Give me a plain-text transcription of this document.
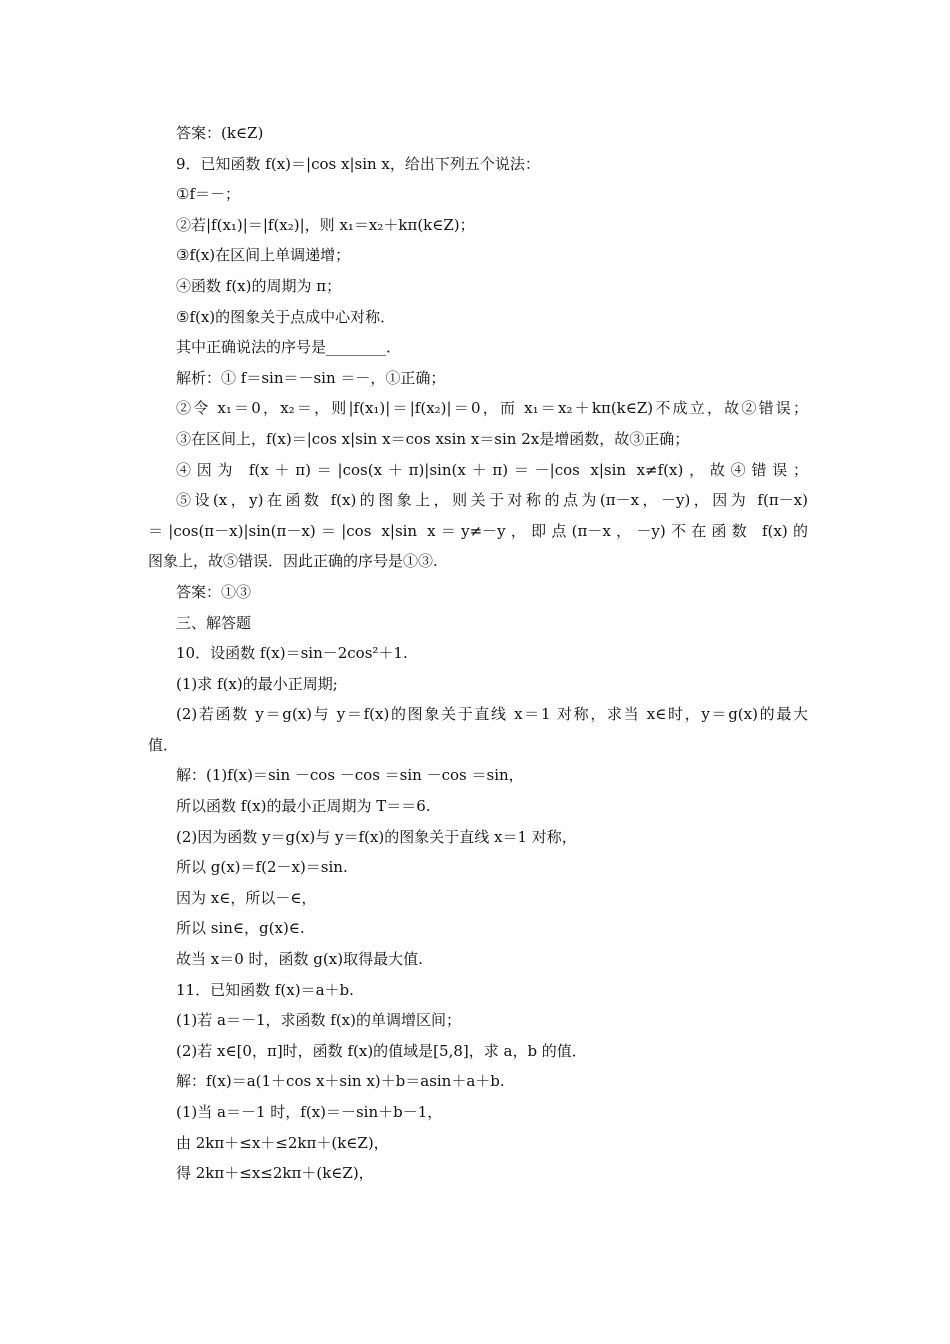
答案：(k∈Z)
9．已知函数 f(x)＝|cos x|sin x，给出下列五个说法：
①f＝－；
②若|f(x₁)|＝|f(x₂)|，则 x₁＝x₂＋kπ(k∈Z)；
③f(x)在区间上单调递增；
④函数 f(x)的周期为 π；
⑤f(x)的图象关于点成中心对称．
其中正确说法的序号是________．
解析：① f＝sin＝－sin ＝－，①正确；
②令 x₁＝0，x₂＝，则|f(x₁)|＝|f(x₂)|＝0，而 x₁＝x₂＋kπ(k∈Z)不成立，故②错误；
③在区间上，f(x)＝|cos x|sin x＝cos xsin x＝sin 2x是增函数，故③正确；
④因为 f(x＋π)＝|cos(x＋π)|sin(x＋π)＝－|cos x|sin x≠f(x)，故④错误；
⑤设(x，y)在函数 f(x)的图象上，则关于对称的点为(π－x，－y)，因为 f(π－x)
＝|cos(π－x)|sin(π－x)＝|cos x|sin x＝y≠－y，即点(π－x，－y)不在函数 f(x)的
图象上，故⑤错误．因此正确的序号是①③.
答案：①③
三、解答题
10．设函数 f(x)＝sin－2cos²＋1.
(1)求 f(x)的最小正周期;
(2)若函数 y＝g(x)与 y＝f(x)的图象关于直线 x＝1 对称，求当 x∈时，y＝g(x)的最大
值．
解：(1)f(x)＝sin －cos －cos ＝sin －cos ＝sin，
所以函数 f(x)的最小正周期为 T＝＝6.
(2)因为函数 y＝g(x)与 y＝f(x)的图象关于直线 x＝1 对称，
所以 g(x)＝f(2－x)＝sin.
因为 x∈，所以－∈，
所以 sin∈，g(x)∈.
故当 x＝0 时，函数 g(x)取得最大值.
11．已知函数 f(x)＝a＋b.
(1)若 a＝－1，求函数 f(x)的单调增区间；
(2)若 x∈[0，π]时，函数 f(x)的值域是[5,8]，求 a，b 的值．
解：f(x)＝a(1＋cos x＋sin x)＋b＝asin＋a＋b.
(1)当 a＝－1 时，f(x)＝－sin＋b－1，
由 2kπ＋≤x＋≤2kπ＋(k∈Z)，
得 2kπ＋≤x≤2kπ＋(k∈Z)，
